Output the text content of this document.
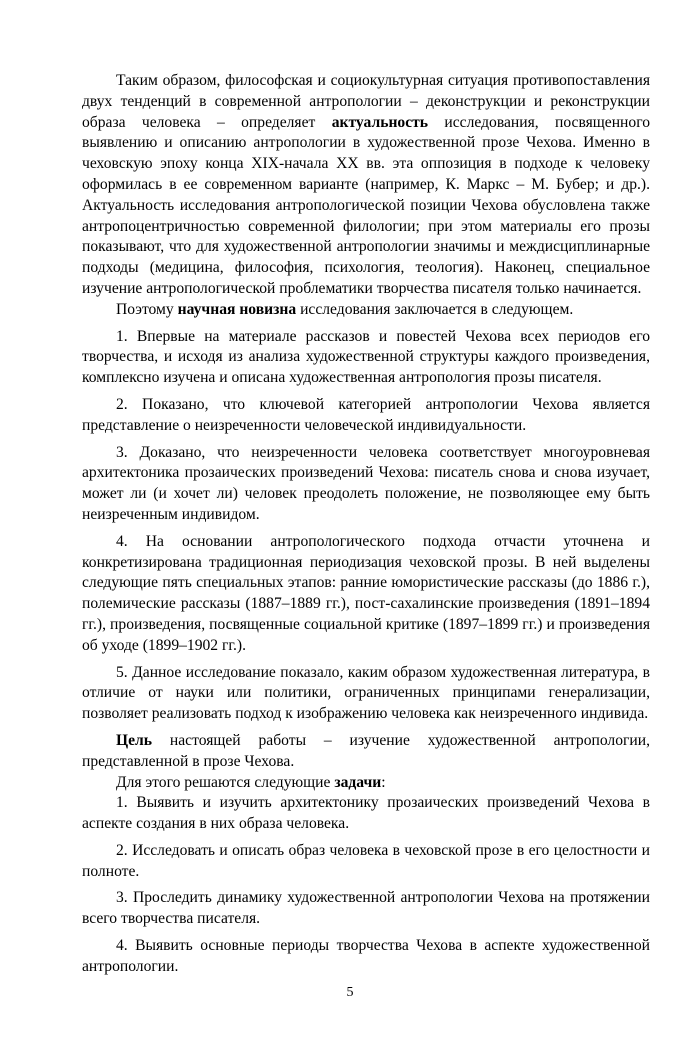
Таким образом, философская и социокультурная ситуация противопоставления двух тенденций в современной антропологии – деконструкции и реконструкции образа человека – определяет актуальность исследования, посвященного выявлению и описанию антропологии в художественной прозе Чехова. Именно в чеховскую эпоху конца XIX-начала XX вв. эта оппозиция в подходе к человеку оформилась в ее современном варианте (например, К. Маркс – М. Бубер; и др.). Актуальность исследования антропологической позиции Чехова обусловлена также антропоцентричностью современной филологии; при этом материалы его прозы показывают, что для художественной антропологии значимы и междисциплинарные подходы (медицина, философия, психология, теология). Наконец, специальное изучение антропологической проблематики творчества писателя только начинается.

Поэтому научная новизна исследования заключается в следующем.

1. Впервые на материале рассказов и повестей Чехова всех периодов его творчества, и исходя из анализа художественной структуры каждого произведения, комплексно изучена и описана художественная антропология прозы писателя.

2. Показано, что ключевой категорией антропологии Чехова является представление о неизреченности человеческой индивидуальности.

3. Доказано, что неизреченности человека соответствует многоуровневая архитектоника прозаических произведений Чехова: писатель снова и снова изучает, может ли (и хочет ли) человек преодолеть положение, не позволяющее ему быть неизреченным индивидом.

4. На основании антропологического подхода отчасти уточнена и конкретизирована традиционная периодизация чеховской прозы. В ней выделены следующие пять специальных этапов: ранние юмористические рассказы (до 1886 г.), полемические рассказы (1887–1889 гг.), пост-сахалинские произведения (1891–1894 гг.), произведения, посвященные социальной критике (1897–1899 гг.) и произведения об уходе (1899–1902 гг.).

5. Данное исследование показало, каким образом художественная литература, в отличие от науки или политики, ограниченных принципами генерализации, позволяет реализовать подход к изображению человека как неизреченного индивида.

Цель настоящей работы – изучение художественной антропологии, представленной в прозе Чехова.

Для этого решаются следующие задачи:

1. Выявить и изучить архитектонику прозаических произведений Чехова в аспекте создания в них образа человека.

2. Исследовать и описать образ человека в чеховской прозе в его целостности и полноте.

3. Проследить динамику художественной антропологии Чехова на протяжении всего творчества писателя.

4. Выявить основные периоды творчества Чехова в аспекте художественной антропологии.

5
